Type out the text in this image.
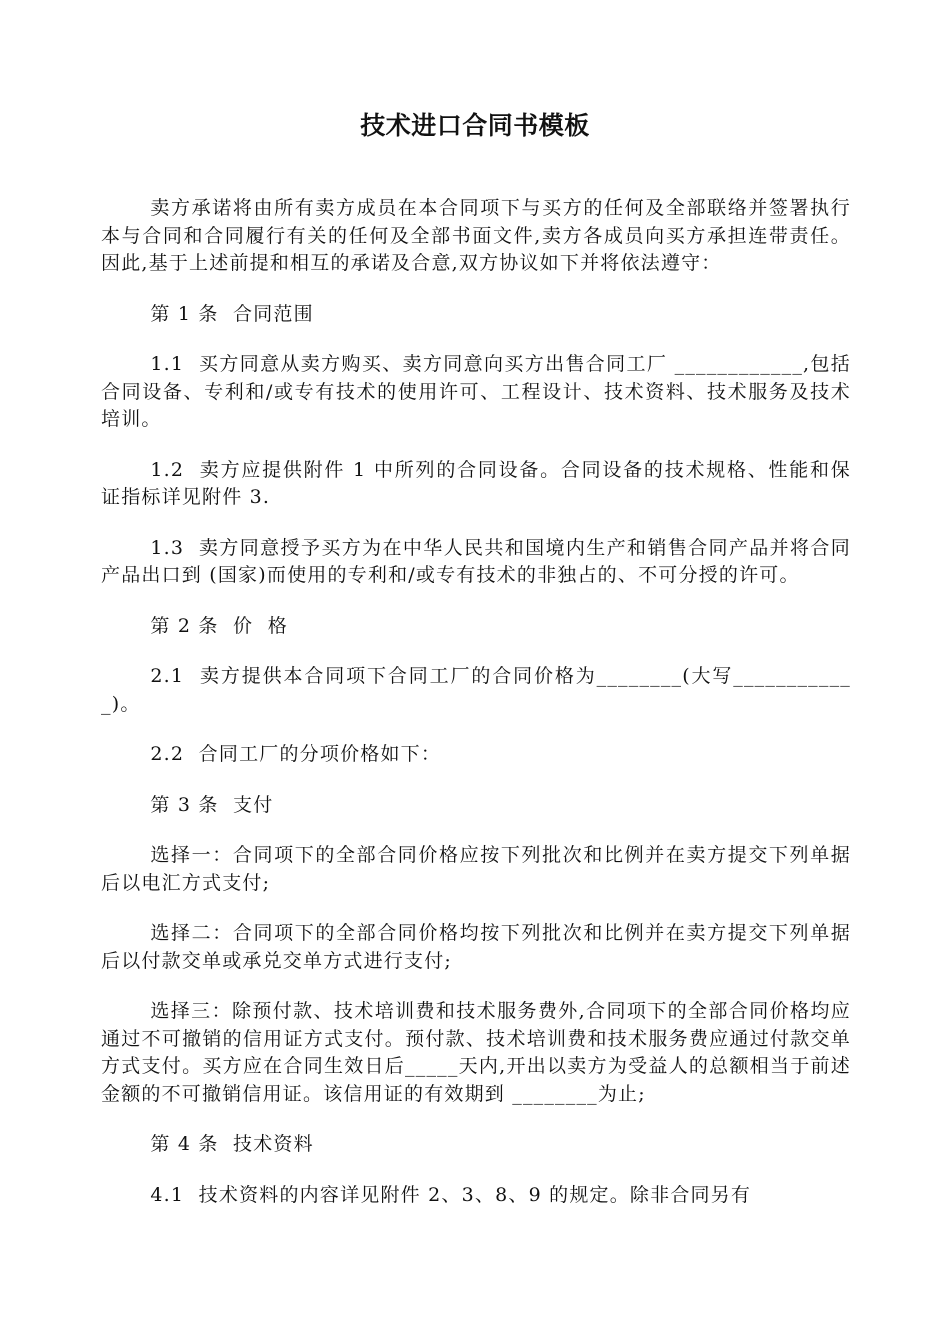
技术进口合同书模板

卖方承诺将由所有卖方成员在本合同项下与买方的任何及全部联络并签署执行本与合同和合同履行有关的任何及全部书面文件,卖方各成员向买方承担连带责任。因此,基于上述前提和相互的承诺及合意,双方协议如下并将依法遵守：

第 1 条  合同范围

1.1  买方同意从卖方购买、卖方同意向买方出售合同工厂 ____________,包括合同设备、专利和/或专有技术的使用许可、工程设计、技术资料、技术服务及技术培训。

1.2  卖方应提供附件 1 中所列的合同设备。合同设备的技术规格、性能和保证指标详见附件 3.

1.3  卖方同意授予买方为在中华人民共和国境内生产和销售合同产品并将合同产品出口到 (国家)而使用的专利和/或专有技术的非独占的、不可分授的许可。

第 2 条  价  格

2.1  卖方提供本合同项下合同工厂的合同价格为________(大写____________)。

2.2  合同工厂的分项价格如下：

第 3 条  支付

选择一：合同项下的全部合同价格应按下列批次和比例并在卖方提交下列单据后以电汇方式支付;

选择二：合同项下的全部合同价格均按下列批次和比例并在卖方提交下列单据后以付款交单或承兑交单方式进行支付;

选择三：除预付款、技术培训费和技术服务费外,合同项下的全部合同价格均应通过不可撤销的信用证方式支付。预付款、技术培训费和技术服务费应通过付款交单方式支付。买方应在合同生效日后_____天内,开出以卖方为受益人的总额相当于前述金额的不可撤销信用证。该信用证的有效期到 ________为止;

第 4 条  技术资料

4.1  技术资料的内容详见附件 2、3、8、9 的规定。除非合同另有
